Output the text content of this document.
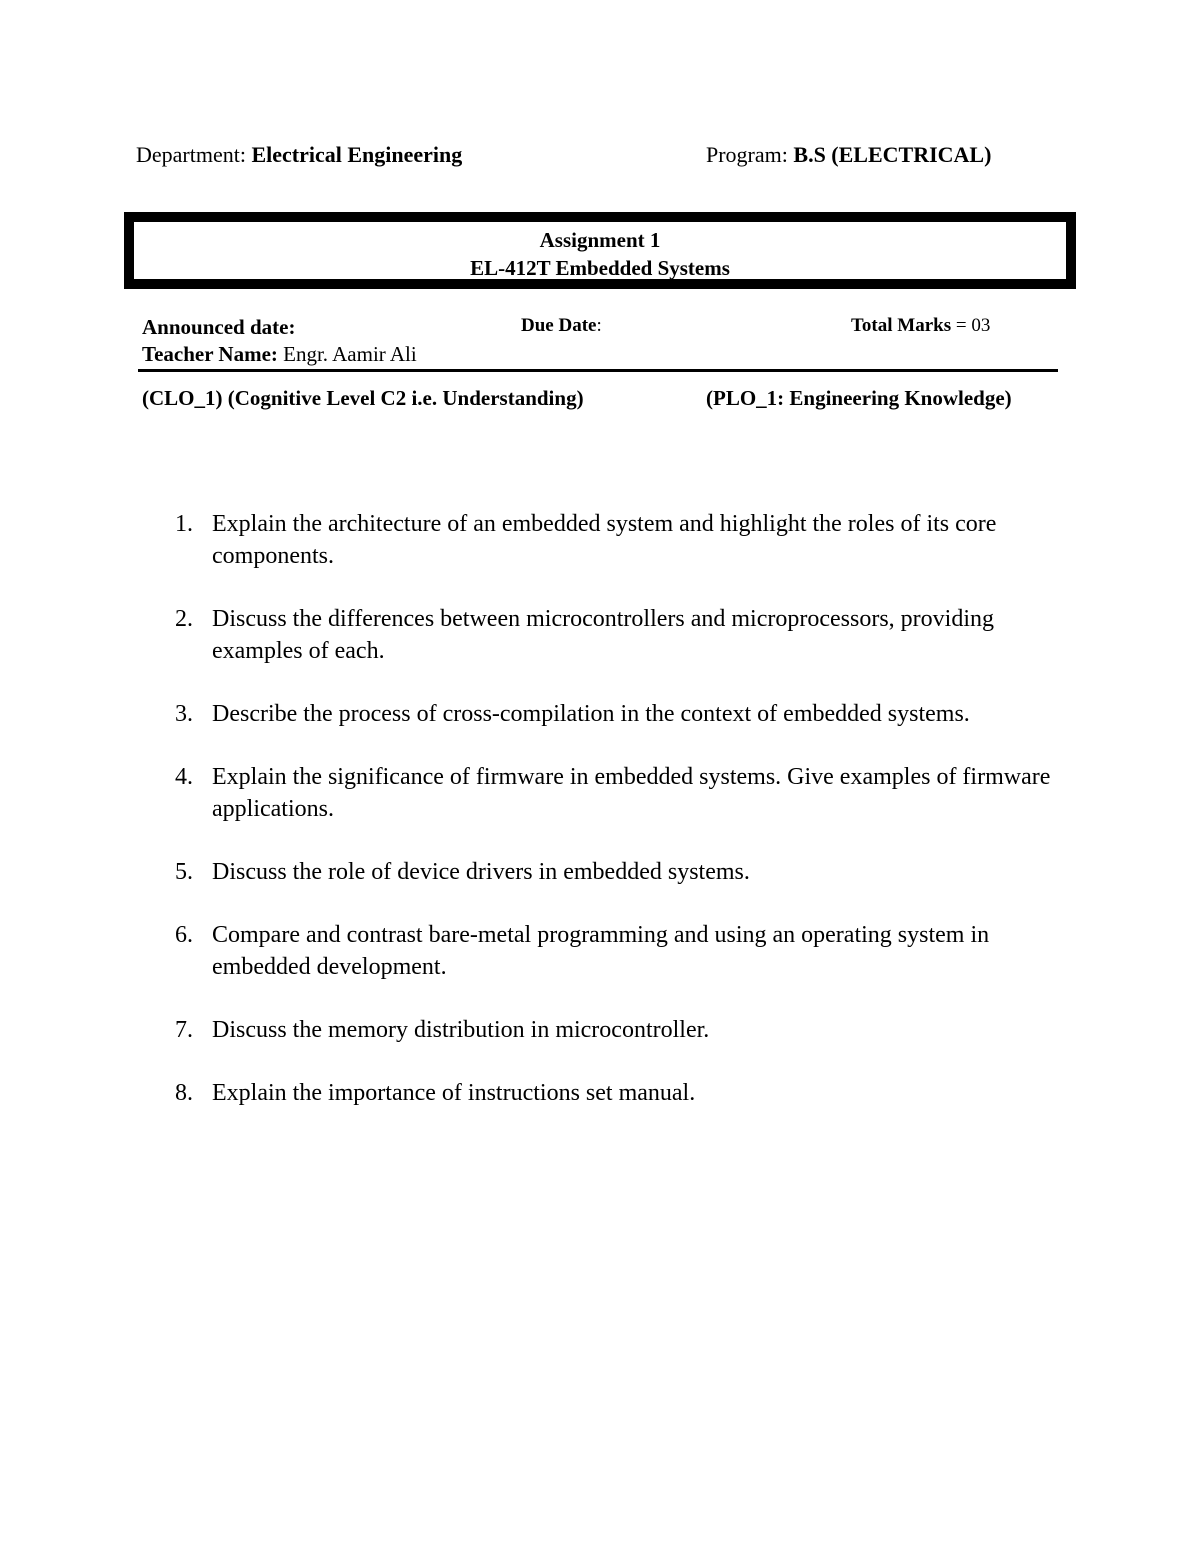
Department: Electrical Engineering	Program: B.S (ELECTRICAL)
Assignment 1
EL-412T Embedded Systems
Announced date:	Due Date:	Total Marks = 03
Teacher Name: Engr. Aamir Ali
(CLO_1) (Cognitive Level C2 i.e. Understanding)	(PLO_1: Engineering Knowledge)
1. Explain the architecture of an embedded system and highlight the roles of its core components.
2. Discuss the differences between microcontrollers and microprocessors, providing examples of each.
3. Describe the process of cross-compilation in the context of embedded systems.
4. Explain the significance of firmware in embedded systems. Give examples of firmware applications.
5. Discuss the role of device drivers in embedded systems.
6. Compare and contrast bare-metal programming and using an operating system in embedded development.
7. Discuss the memory distribution in microcontroller.
8. Explain the importance of instructions set manual.
